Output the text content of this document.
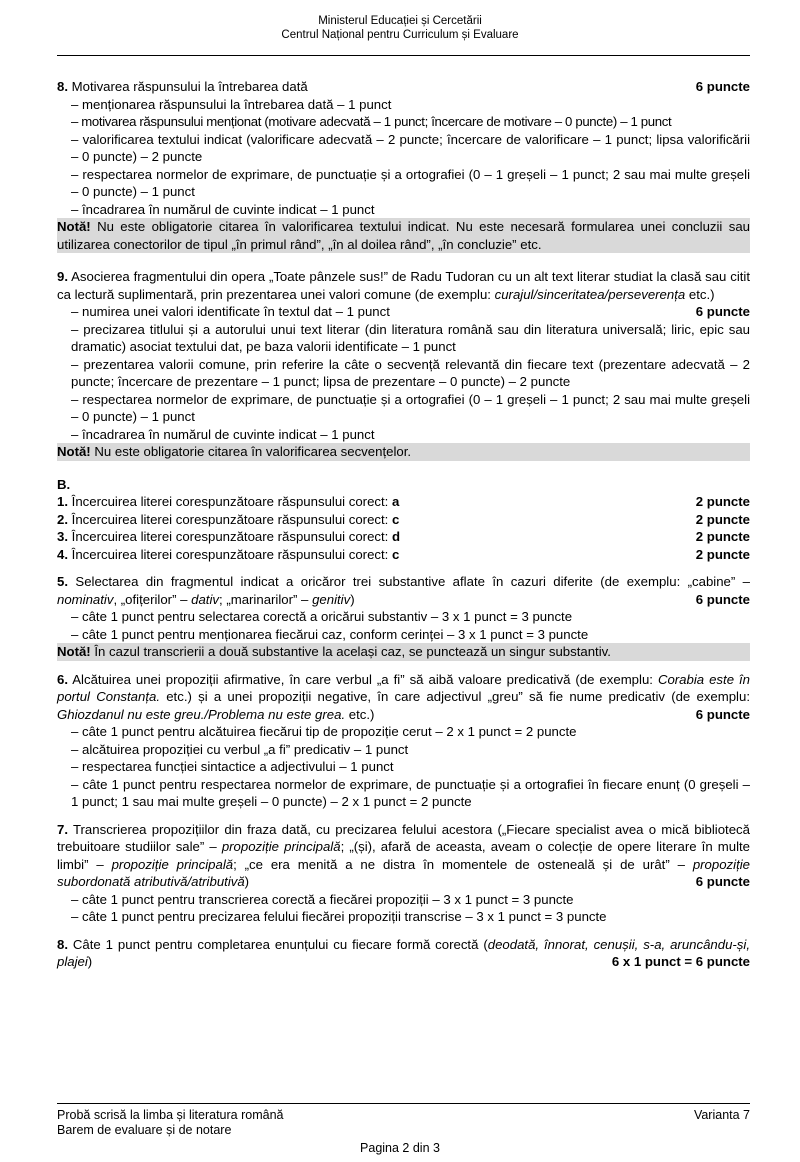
Ministerul Educației și Cercetării
Centrul Național pentru Curriculum și Evaluare

8. Motivarea răspunsului la întrebarea dată	6 puncte

– menționarea răspunsului la întrebarea dată – 1 punct

– motivarea răspunsului menționat (motivare adecvată – 1 punct; încercare de motivare – 0 puncte) – 1 punct

– valorificarea textului indicat (valorificare adecvată – 2 puncte; încercare de valorificare – 1 punct; lipsa valorificării – 0 puncte) – 2 puncte

– respectarea normelor de exprimare, de punctuație și a ortografiei (0 – 1 greșeli – 1 punct; 2 sau mai multe greșeli – 0 puncte) – 1 punct

– încadrarea în numărul de cuvinte indicat – 1 punct

Notă! Nu este obligatorie citarea în valorificarea textului indicat. Nu este necesară formularea unei concluzii sau utilizarea conectorilor de tipul „în primul rând”, „în al doilea rând”, „în concluzie” etc.

9. Asocierea fragmentului din opera „Toate pânzele sus!” de Radu Tudoran cu un alt text literar studiat la clasă sau citit ca lectură suplimentară, prin prezentarea unei valori comune (de exemplu: curajul/sinceritatea/perseverența etc.)
6 puncte

– numirea unei valori identificate în textul dat – 1 punct

– precizarea titlului și a autorului unui text literar (din literatura română sau din literatura universală; liric, epic sau dramatic) asociat textului dat, pe baza valorii identificate – 1 punct

– prezentarea valorii comune, prin referire la câte o secvență relevantă din fiecare text (prezentare adecvată – 2 puncte; încercare de prezentare – 1 punct; lipsa de prezentare – 0 puncte) – 2 puncte

– respectarea normelor de exprimare, de punctuație și a ortografiei (0 – 1 greșeli – 1 punct; 2 sau mai multe greșeli – 0 puncte) – 1 punct

– încadrarea în numărul de cuvinte indicat – 1 punct

Notă! Nu este obligatorie citarea în valorificarea secvențelor.

B.

1. Încercuirea literei corespunzătoare răspunsului corect: a	2 puncte
2. Încercuirea literei corespunzătoare răspunsului corect: c	2 puncte
3. Încercuirea literei corespunzătoare răspunsului corect: d	2 puncte
4. Încercuirea literei corespunzătoare răspunsului corect: c	2 puncte

5. Selectarea din fragmentul indicat a oricăror trei substantive aflate în cazuri diferite (de exemplu: „cabine” – nominativ, „ofițerilor” – dativ; „marinarilor” – genitiv)	6 puncte

– câte 1 punct pentru selectarea corectă a oricărui substantiv – 3 x 1 punct = 3 puncte

– câte 1 punct pentru menționarea fiecărui caz, conform cerinței – 3 x 1 punct = 3 puncte

Notă! În cazul transcrierii a două substantive la același caz, se punctează un singur substantiv.

6. Alcătuirea unei propoziții afirmative, în care verbul „a fi” să aibă valoare predicativă (de exemplu: Corabia este în portul Constanța. etc.) și a unei propoziții negative, în care adjectivul „greu” să fie nume predicativ (de exemplu: Ghiozdanul nu este greu./Problema nu este grea. etc.)	6 puncte

– câte 1 punct pentru alcătuirea fiecărui tip de propoziție cerut – 2 x 1 punct = 2 puncte

– alcătuirea propoziției cu verbul „a fi” predicativ – 1 punct

– respectarea funcției sintactice a adjectivului – 1 punct

– câte 1 punct pentru respectarea normelor de exprimare, de punctuație și a ortografiei în fiecare enunț (0 greșeli – 1 punct; 1 sau mai multe greșeli – 0 puncte) – 2 x 1 punct = 2 puncte

7. Transcrierea propozițiilor din fraza dată, cu precizarea felului acestora („Fiecare specialist avea o mică bibliotecă trebuitoare studiilor sale” – propoziție principală; „(și), afară de aceasta, aveam o colecție de opere literare în multe limbi” – propoziție principală; „ce era menită a ne distra în momentele de osteneală și de urât” – propoziție subordonată atributivă/atributivă)	6 puncte

– câte 1 punct pentru transcrierea corectă a fiecărei propoziții – 3 x 1 punct = 3 puncte

– câte 1 punct pentru precizarea felului fiecărei propoziții transcrise – 3 x 1 punct = 3 puncte

8. Câte 1 punct pentru completarea enunțului cu fiecare formă corectă (deodată, înnorat, cenușii, s-a, aruncându-și, plajei)	6 x 1 punct = 6 puncte

Probă scrisă la limba și literatura română	Varianta 7
Barem de evaluare și de notare
Pagina 2 din 3
